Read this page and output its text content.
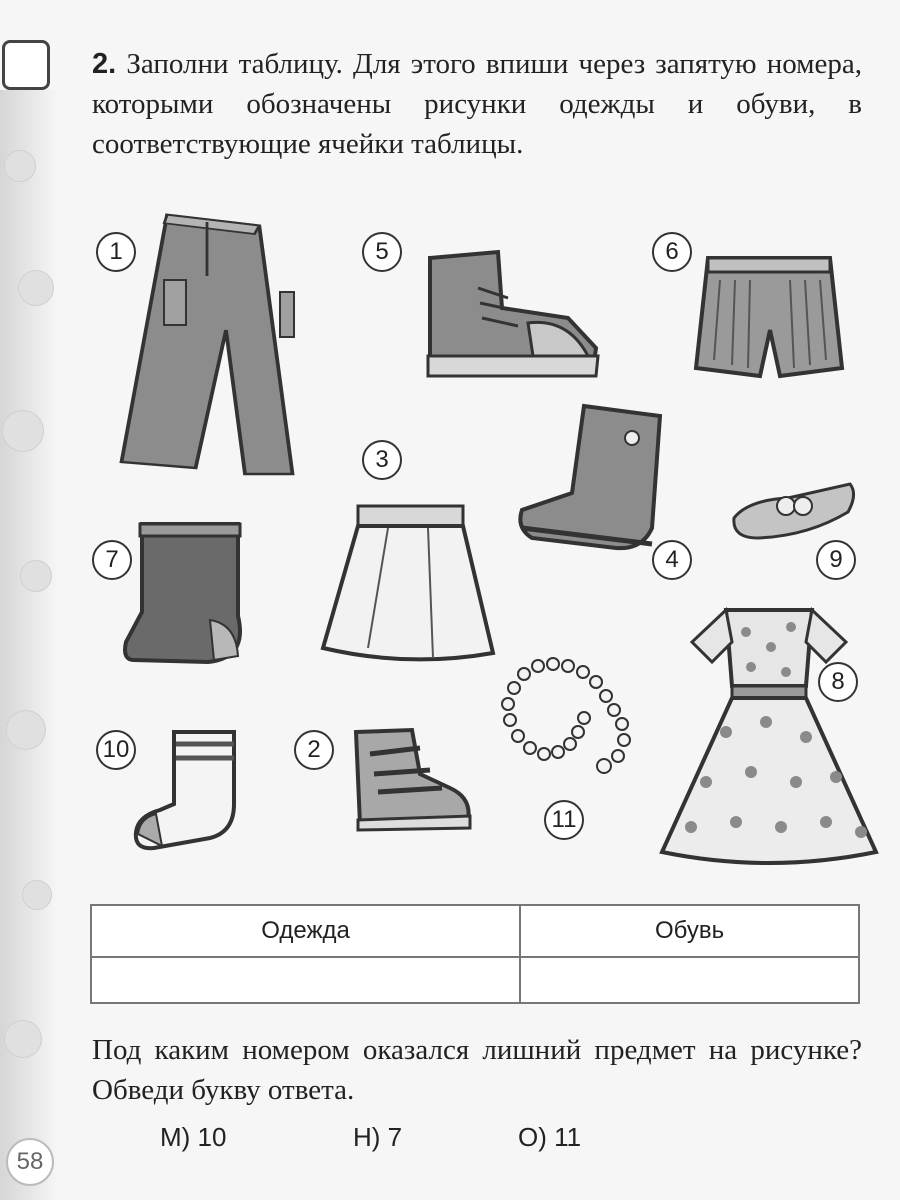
2. Заполни таблицу. Для этого впиши через запятую номера, которыми обозначены рисунки одежды и обуви, в соответствующие ячейки таблицы.
1	5	6
3
4	9
7
8
10	2
11
Одежда	Обувь

Под каким номером оказался лишний предмет на рисунке? Обведи букву ответа.
М) 10	Н) 7	О) 11
58
